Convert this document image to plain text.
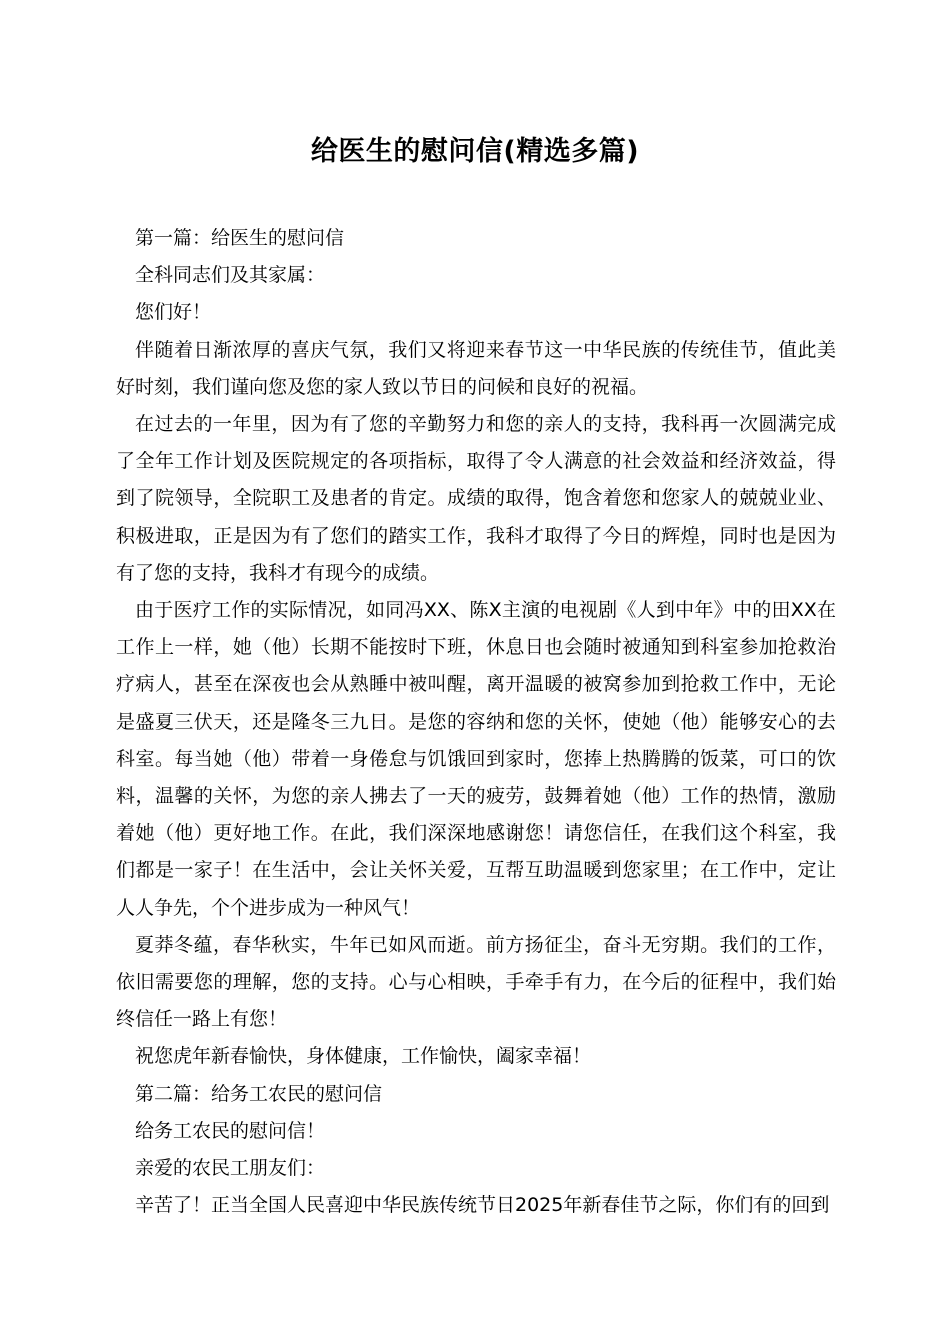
给医生的慰问信(精选多篇)

第一篇：给医生的慰问信

全科同志们及其家属：

您们好！

伴随着日渐浓厚的喜庆气氛，我们又将迎来春节这一中华民族的传统佳节，值此美好时刻，我们谨向您及您的家人致以节日的问候和良好的祝福。

在过去的一年里，因为有了您的辛勤努力和您的亲人的支持，我科再一次圆满完成了全年工作计划及医院规定的各项指标，取得了令人满意的社会效益和经济效益，得到了院领导，全院职工及患者的肯定。成绩的取得，饱含着您和您家人的兢兢业业、积极进取，正是因为有了您们的踏实工作，我科才取得了今日的辉煌，同时也是因为有了您的支持，我科才有现今的成绩。

由于医疗工作的实际情况，如同冯XX、陈X主演的电视剧《人到中年》中的田XX在工作上一样，她（他）长期不能按时下班，休息日也会随时被通知到科室参加抢救治疗病人，甚至在深夜也会从熟睡中被叫醒，离开温暖的被窝参加到抢救工作中，无论是盛夏三伏天，还是隆冬三九日。是您的容纳和您的关怀，使她（他）能够安心的去科室。每当她（他）带着一身倦怠与饥饿回到家时，您捧上热腾腾的饭菜，可口的饮料，温馨的关怀，为您的亲人拂去了一天的疲劳，鼓舞着她（他）工作的热情，激励着她（他）更好地工作。在此，我们深深地感谢您！请您信任，在我们这个科室，我们都是一家子！在生活中，会让关怀关爱，互帮互助温暖到您家里；在工作中，定让人人争先，个个进步成为一种风气！

夏莽冬蕴，春华秋实，牛年已如风而逝。前方扬征尘，奋斗无穷期。我们的工作，依旧需要您的理解，您的支持。心与心相映，手牵手有力，在今后的征程中，我们始终信任一路上有您！

祝您虎年新春愉快，身体健康，工作愉快，阖家幸福！

第二篇：给务工农民的慰问信

给务工农民的慰问信！

亲爱的农民工朋友们：

辛苦了！正当全国人民喜迎中华民族传统节日2025年新春佳节之际，你们有的回到
